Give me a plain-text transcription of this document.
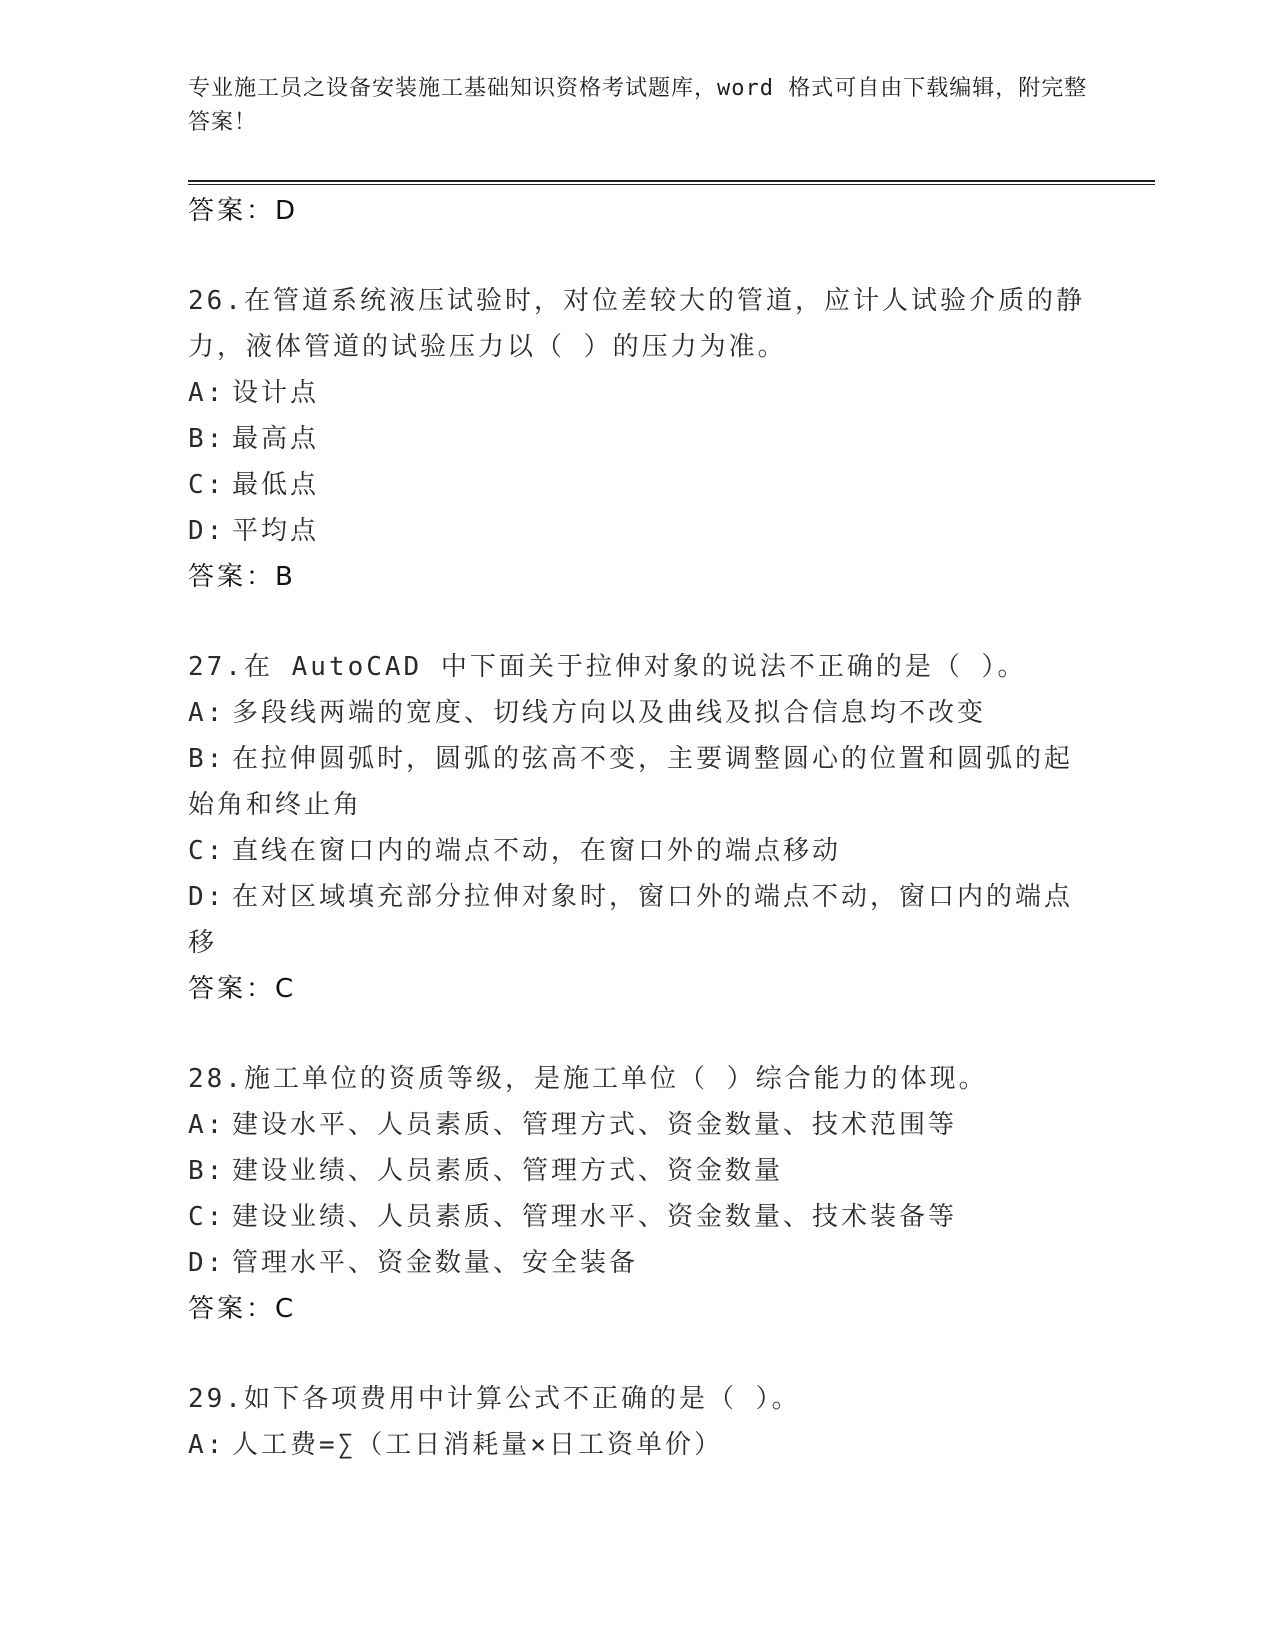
专业施工员之设备安装施工基础知识资格考试题库，word 格式可自由下载编辑，附完整答案！
答案：D
26.在管道系统液压试验时，对位差较大的管道，应计人试验介质的静
力，液体管道的试验压力以（ ）的压力为准。
A: 设计点
B: 最高点
C: 最低点
D: 平均点
答案：B
27.在 AutoCAD 中下面关于拉伸对象的说法不正确的是（ ）。
A: 多段线两端的宽度、切线方向以及曲线及拟合信息均不改变
B: 在拉伸圆弧时，圆弧的弦高不变，主要调整圆心的位置和圆弧的起
始角和终止角
C: 直线在窗口内的端点不动，在窗口外的端点移动
D: 在对区域填充部分拉伸对象时，窗口外的端点不动，窗口内的端点
移
答案：C
28.施工单位的资质等级，是施工单位（ ）综合能力的体现。
A: 建设水平、人员素质、管理方式、资金数量、技术范围等
B: 建设业绩、人员素质、管理方式、资金数量
C: 建设业绩、人员素质、管理水平、资金数量、技术装备等
D: 管理水平、资金数量、安全装备
答案：C
29.如下各项费用中计算公式不正确的是（ ）。
A: 人工费=∑（工日消耗量×日工资单价）
